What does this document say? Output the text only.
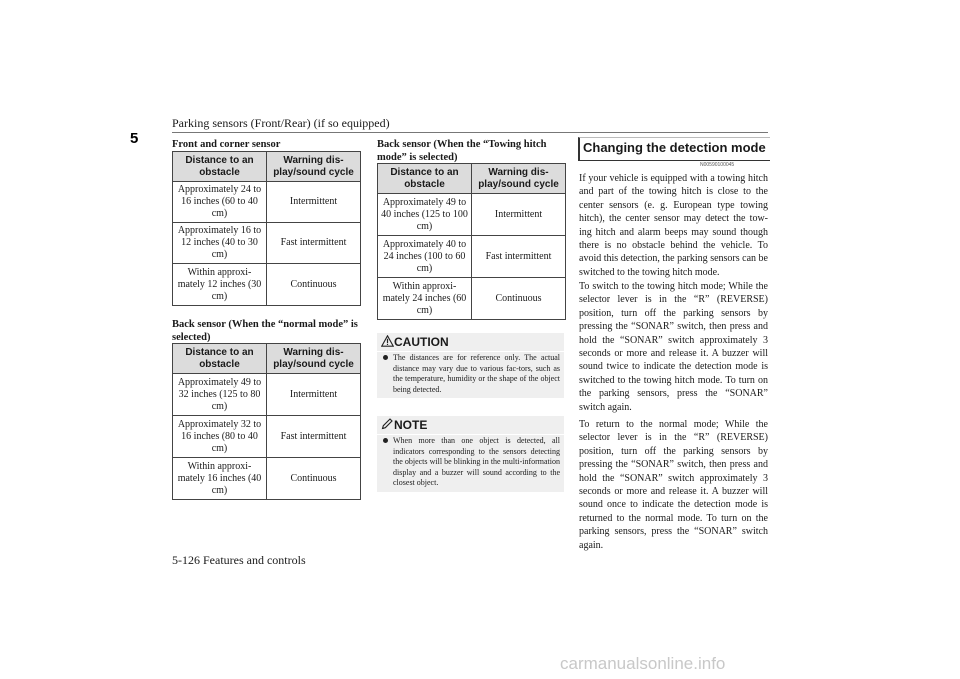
Parking sensors (Front/Rear) (if so equipped)
5	Front and corner sensor
Distance to an obstacle	Warning dis-play/sound cycle
Approximately 24 to 16 inches (60 to 40 cm)	Intermittent
Approximately 16 to 12 inches (40 to 30 cm)	Fast intermittent
Within approxi-mately 12 inches (30 cm)	Continuous
Back sensor (When the “normal mode” is selected)
Distance to an obstacle	Warning dis-play/sound cycle
Approximately 49 to 32 inches (125 to 80 cm)	Intermittent
Approximately 32 to 16 inches (80 to 40 cm)	Fast intermittent
Within approxi-mately 16 inches (40 cm)	Continuous
Back sensor (When the “Towing hitch mode” is selected)
Distance to an obstacle	Warning dis-play/sound cycle
Approximately 49 to 40 inches (125 to 100 cm)	Intermittent
Approximately 40 to 24 inches (100 to 60 cm)	Fast intermittent
Within approxi-mately 24 inches (60 cm)	Continuous
CAUTION
The distances are for reference only. The actual distance may vary due to various fac-tors, such as the temperature, humidity or the shape of the object being detected.
NOTE
When more than one object is detected, all indicators corresponding to the sensors detecting the objects will be blinking in the multi-information display and a buzzer will sound according to the closest object.
Changing the detection mode
N00590100045
If your vehicle is equipped with a towing hitch and part of the towing hitch is close to the center sensors (e. g. European type towing hitch), the center sensor may detect the tow-ing hitch and alarm beeps may sound though there is no obstacle behind the vehicle. To avoid this detection, the parking sensors can be switched to the towing hitch mode.
To switch to the towing hitch mode; While the selector lever is in the “R” (REVERSE) position, turn off the parking sensors by pressing the “SONAR” switch, then press and hold the “SONAR” switch approximately 3 seconds or more and release it. A buzzer will sound twice to indicate the detection mode is switched to the towing hitch mode. To turn on the parking sensors, press the “SONAR” switch again.
To return to the normal mode; While the selector lever is in the “R” (REVERSE) position, turn off the parking sensors by pressing the “SONAR” switch, then press and hold the “SONAR” switch approximately 3 seconds or more and release it. A buzzer will sound once to indicate the detection mode is returned to the normal mode. To turn on the parking sensors, press the “SONAR” switch again.
5-126 Features and controls
carmanualsonline.info
